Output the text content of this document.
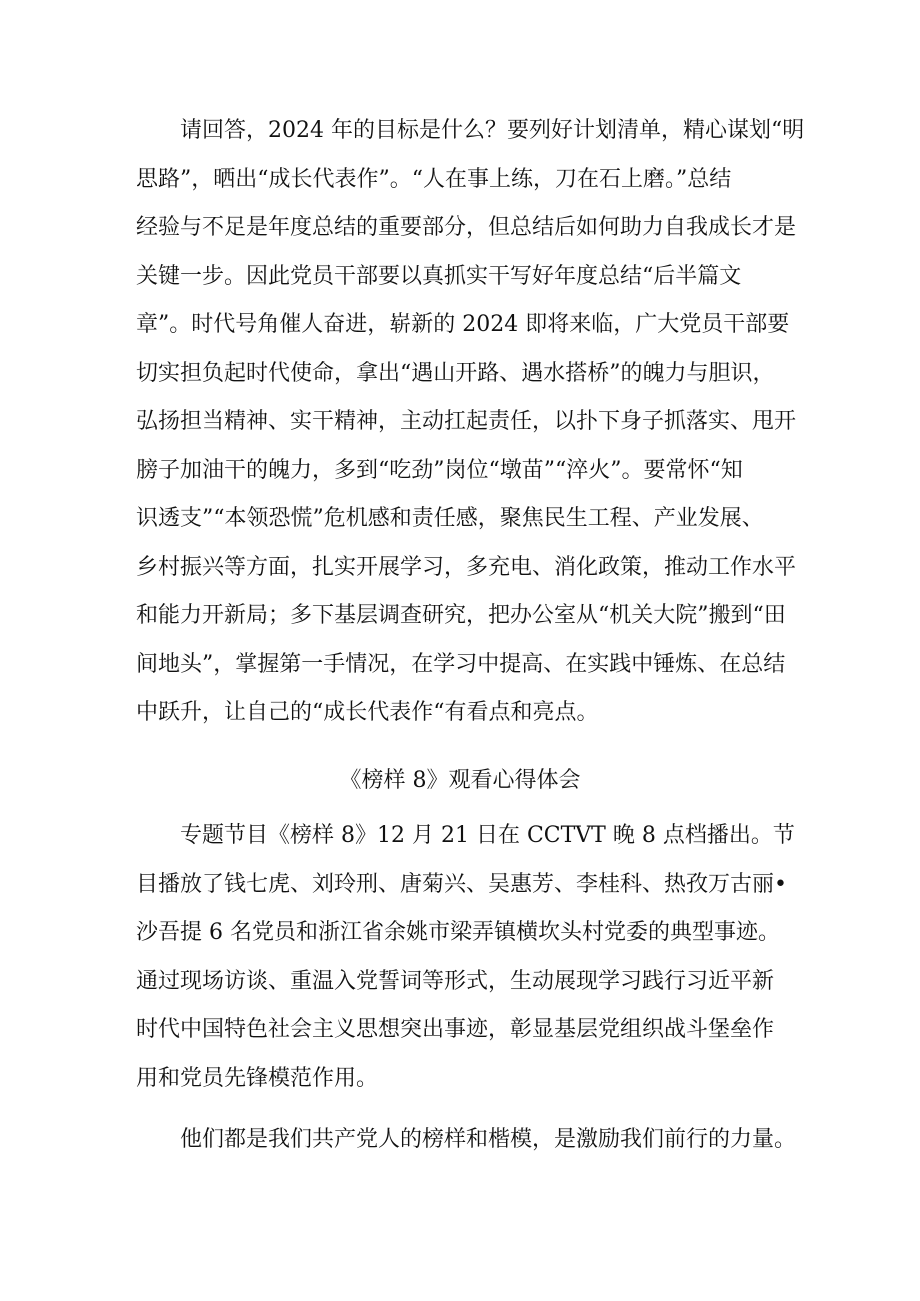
　　请回答，2024 年的目标是什么？要列好计划清单，精心谋划“明
思路”，晒出“成长代表作”。“人在事上练，刀在石上磨。”总结
经验与不足是年度总结的重要部分，但总结后如何助力自我成长才是
关键一步。因此党员干部要以真抓实干写好年度总结“后半篇文
章”。时代号角催人奋进，崭新的 2024 即将来临，广大党员干部要
切实担负起时代使命，拿出“遇山开路、遇水搭桥”的魄力与胆识，
弘扬担当精神、实干精神，主动扛起责任，以扑下身子抓落实、甩开
膀子加油干的魄力，多到“吃劲”岗位“墩苗”“淬火”。要常怀“知
识透支”“本领恐慌”危机感和责任感，聚焦民生工程、产业发展、
乡村振兴等方面，扎实开展学习，多充电、消化政策，推动工作水平
和能力开新局；多下基层调查研究，把办公室从“机关大院”搬到“田
间地头”，掌握第一手情况，在学习中提高、在实践中锤炼、在总结
中跃升，让自己的“成长代表作“有看点和亮点。
《榜样 8》观看心得体会
　　专题节目《榜样 8》12 月 21 日在 CCTVT 晚 8 点档播出。节
目播放了钱七虎、刘玲刑、唐菊兴、吴惠芳、李桂科、热孜万古丽•
沙吾提 6 名党员和浙江省余姚市梁弄镇横坎头村党委的典型事迹。
通过现场访谈、重温入党誓词等形式，生动展现学习践行习近平新
时代中国特色社会主义思想突出事迹，彰显基层党组织战斗堡垒作
用和党员先锋模范作用。
　　他们都是我们共产党人的榜样和楷模，是激励我们前行的力量。
